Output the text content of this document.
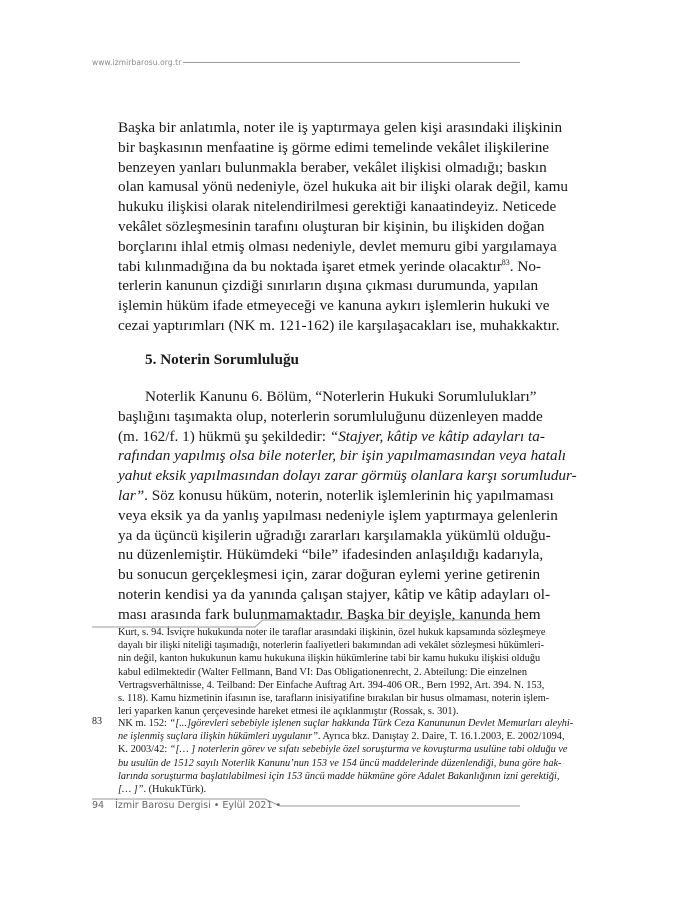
www.izmirbarosu.org.tr
Başka bir anlatımla, noter ile iş yaptırmaya gelen kişi arasındaki ilişkinin
bir başkasının menfaatine iş görme edimi temelinde vekâlet ilişkilerine
benzeyen yanları bulunmakla beraber, vekâlet ilişkisi olmadığı; baskın
olan kamusal yönü nedeniyle, özel hukuka ait bir ilişki olarak değil, kamu
hukuku ilişkisi olarak nitelendirilmesi gerektiği kanaatindeyiz. Neticede
vekâlet sözleşmesinin tarafını oluşturan bir kişinin, bu ilişkiden doğan
borçlarını ihlal etmiş olması nedeniyle, devlet memuru gibi yargılamaya
tabi kılınmadığına da bu noktada işaret etmek yerinde olacaktır$^{83}$. No-
terlerin kanunun çizdiği sınırların dışına çıkması durumunda, yapılan
işlemin hüküm ifade etmeyeceği ve kanuna aykırı işlemlerin hukuki ve
cezai yaptırımları (NK m. 121-162) ile karşılaşacakları ise, muhakkaktır.
5. Noterin Sorumluluğu
Noterlik Kanunu 6. Bölüm, “Noterlerin Hukuki Sorumlulukları”
başlığını taşımakta olup, noterlerin sorumluluğunu düzenleyen madde
(m. 162/f. 1) hükmü şu şekildedir: “Stajyer, kâtip ve kâtip adayları ta-
rafından yapılmış olsa bile noterler, bir işin yapılmamasından veya hatalı
yahut eksik yapılmasından dolayı zarar görmüş olanlara karşı sorumludur-
lar”. Söz konusu hüküm, noterin, noterlik işlemlerinin hiç yapılmaması
veya eksik ya da yanlış yapılması nedeniyle işlem yaptırmaya gelenlerin
ya da üçüncü kişilerin uğradığı zararları karşılamakla yükümlü olduğu-
nu düzenlemiştir. Hükümdeki “bile” ifadesinden anlaşıldığı kadarıyla,
bu sonucun gerçekleşmesi için, zarar doğuran eylemi yerine getirenin
noterin kendisi ya da yanında çalışan stajyer, kâtip ve kâtip adayları ol-
ması arasında fark bulunmamaktadır. Başka bir deyişle, kanunda hem
Kurt, s. 94. İsviçre hukukunda noter ile taraflar arasındaki ilişkinin, özel hukuk kapsamında sözleşmeye
dayalı bir ilişki niteliği taşımadığı, noterlerin faaliyetleri bakımından adi vekâlet sözleşmesi hükümleri-
nin değil, kanton hukukunun kamu hukukuna ilişkin hükümlerine tabi bir kamu hukuku ilişkisi olduğu
kabul edilmektedir (Walter Fellmann, Band VI: Das Obligationenrecht, 2. Abteilung: Die einzelnen
Vertragsverhältnisse, 4. Teilband: Der Einfache Auftrag Art. 394-406 OR., Bern 1992, Art. 394. N. 153,
s. 118). Kamu hizmetinin ifasının ise, tarafların inisiyatifine bırakılan bir husus olmaması, noterin işlem-
leri yaparken kanun çerçevesinde hareket etmesi ile açıklanmıştır (Rossak, s. 301).
83 NK m. 152: “[...]görevleri sebebiyle işlenen suçlar hakkında Türk Ceza Kanununun Devlet Memurları aleyhi-
ne işlenmiş suçlara ilişkin hükümleri uygulanır”. Ayrıca bkz. Danıştay 2. Daire, T. 16.1.2003, E. 2002/1094,
K. 2003/42: “[… ] noterlerin görev ve sıfatı sebebiyle özel soruşturma ve kovuşturma usulüne tabi olduğu ve
bu usulün de 1512 sayılı Noterlik Kanunu’nun 153 ve 154 üncü maddelerinde düzenlendiği, buna göre hak-
larında soruşturma başlatılabilmesi için 153 üncü madde hükmüne göre Adalet Bakanlığının izni gerektiği,
[… ]”. (HukukTürk).
94 İzmir Barosu Dergisi • Eylül 2021 •
